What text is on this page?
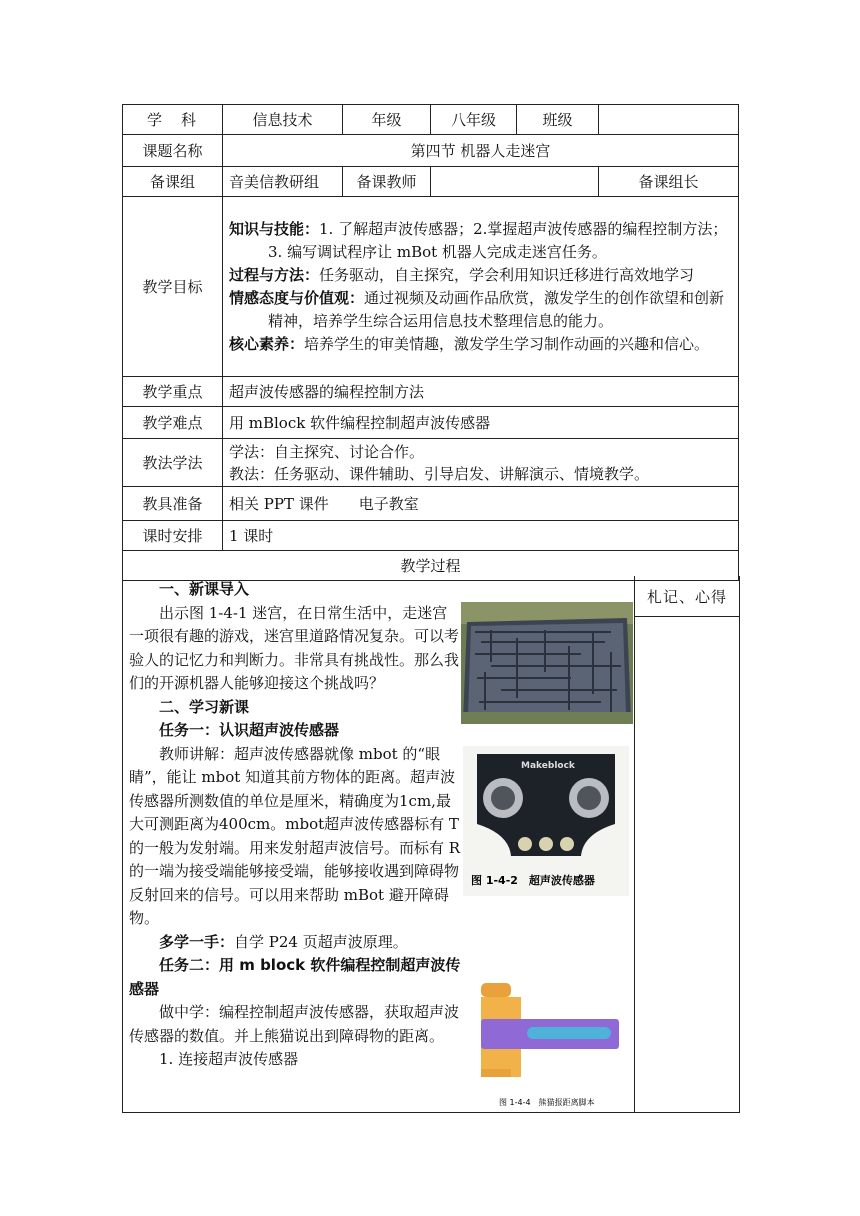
学　科	信息技术	年级	八年级	班级	
课题名称	第四节 机器人走迷宫				
备课组	音美信教研组	备课教师			备课组长
教学目标	知识与技能：1. 了解超声波传感器；2.掌握超声波传感器的编程控制方法；3. 编写调试程序让 mBot 机器人完成走迷宫任务。

过程与方法：任务驱动，自主探究，学会利用知识迁移进行高效地学习

情感态度与价值观：通过视频及动画作品欣赏，激发学生的创作欲望和创新精神，培养学生综合运用信息技术整理信息的能力。

核心素养：培养学生的审美情趣，激发学生学习制作动画的兴趣和信心。				

教学重点	超声波传感器的编程控制方法				
教学难点	用 mBlock 软件编程控制超声波传感器				
教法学法	学法：自主探究、讨论合作。
教法：任务驱动、课件辅助、引导启发、讲解演示、情境教学。				

教具准备	相关 PPT 课件　　电子教室				
课时安排	1 课时				
教学过程					
札记、心得
Makeblock
图 1-4-2　超声波传感器
图 1-4-4　熊猫报距离脚本

一、新课导入

出示图 1-4-1 迷宫，在日常生活中，走迷宫一项很有趣的游戏，迷宫里道路情况复杂。可以考验人的记忆力和判断力。非常具有挑战性。那么我们的开源机器人能够迎接这个挑战吗？

二、学习新课

任务一：认识超声波传感器

教师讲解：超声波传感器就像 mbot 的“眼睛”，能让 mbot 知道其前方物体的距离。超声波传感器所测数值的单位是厘米，精确度为1cm,最大可测距离为400cm。mbot超声波传感器标有 T 的一般为发射端。用来发射超声波信号。而标有 R 的一端为接受端能够接受端，能够接收遇到障碍物反射回来的信号。可以用来帮助 mBot 避开障碍物。

多学一手：自学 P24 页超声波原理。

任务二：用 m block 软件编程控制超声波传感器

做中学：编程控制超声波传感器，获取超声波传感器的数值。并上熊猫说出到障碍物的距离。

1. 连接超声波传感器
